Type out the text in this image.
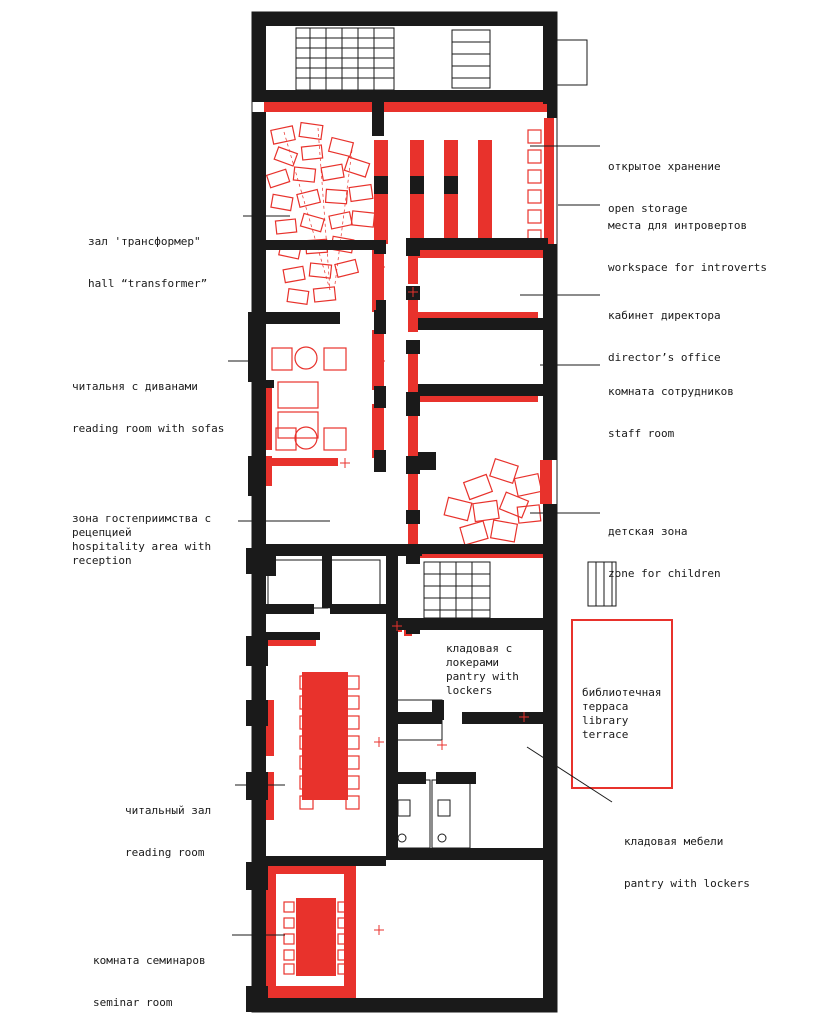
открытое хранение

open storage

места для интровертов

workspace for introverts

зал 'трансформер"

hall “transformer”

кабинет директора

director’s office

комната сотрудников

staff room

читальня с диванами

reading room with sofas

детская зона

zone for children

зона гостеприимства с рецепцией
hospitality area with reception
кладовая с локерами
pantry with lockers	библиотечная терраса
library terrace

читальный зал

reading room

кладовая мебели

pantry with lockers

комната семинаров

seminar room
